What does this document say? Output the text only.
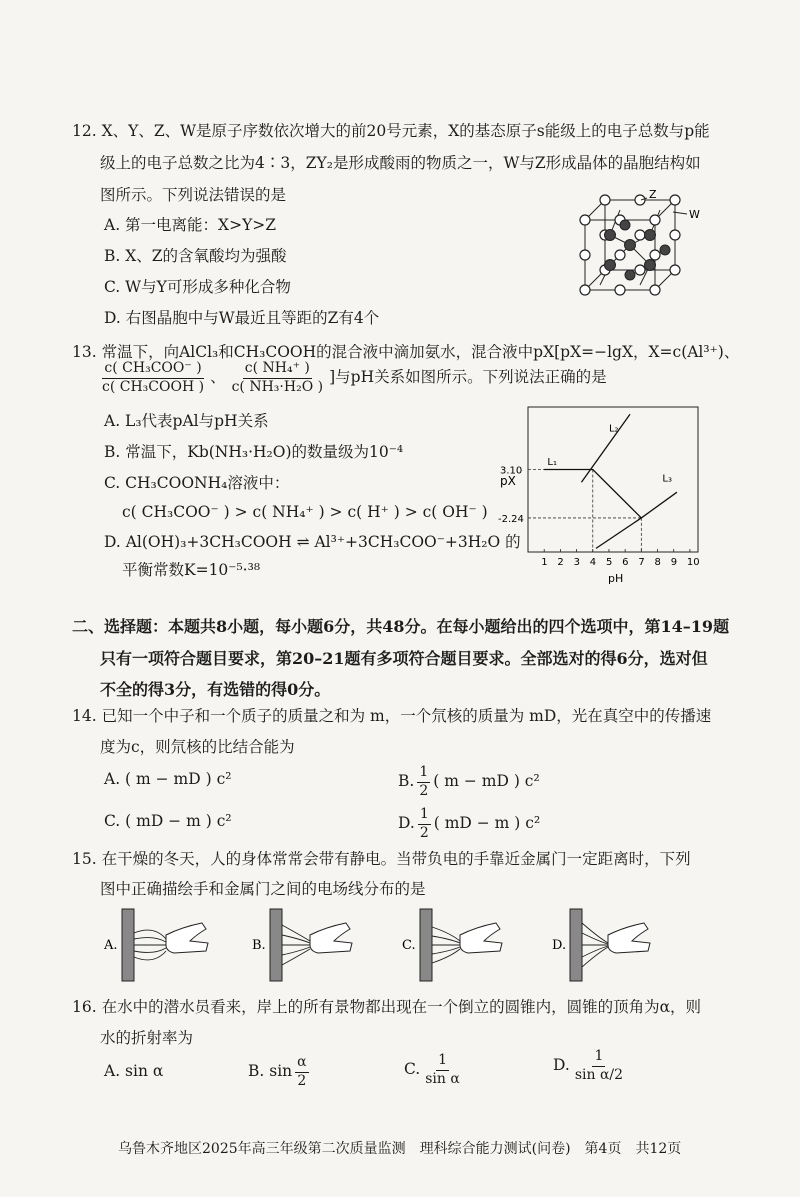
12. X、Y、Z、W是原子序数依次增大的前20号元素，X的基态原子s能级上的电子总数与p能
级上的电子总数之比为4∶3，ZY₂是形成酸雨的物质之一，W与Z形成晶体的晶胞结构如
图所示。下列说法错误的是
A. 第一电离能：X>Y>Z
B. X、Z的含氧酸均为强酸
C. W与Y可形成多种化合物
D. 右图晶胞中与W最近且等距的Z有4个
Z
W
13. 常温下，向AlCl₃和CH₃COOH的混合液中滴加氨水，混合液中pX[pX=−lgX，X=c(Al³⁺)、
$\frac{\text{c( CH₃COO⁻ )}}{\text{c( CH₃COOH )}}$ 、 $\frac{\text{c( NH₄⁺ )}}{\text{c( NH₃·H₂O )}}$ ]与pH关系如图所示。下列说法正确的是
A. L₃代表pAl与pH关系
B. 常温下，Kb(NH₃·H₂O)的数量级为10⁻⁴
C. CH₃COONH₄溶液中：
c( CH₃COO⁻ ) > c( NH₄⁺ ) > c( H⁺ ) > c( OH⁻ )
D. Al(OH)₃+3CH₃COOH ⇌ Al³⁺+3CH₃COO⁻+3H₂O 的
平衡常数K=10⁻⁵·³⁸
L₁
L₂
L₃
1 2 3 4 5 6 7 8 9 10
3.10
-2.24
pX
pH
二、选择题：本题共8小题，每小题6分，共48分。在每小题给出的四个选项中，第14–19题
只有一项符合题目要求，第20–21题有多项符合题目要求。全部选对的得6分，选对但
不全的得3分，有选错的得0分。
14. 已知一个中子和一个质子的质量之和为 m，一个氘核的质量为 mD，光在真空中的传播速
度为c，则氘核的比结合能为
A. ( m − mD ) c²	B. $\frac{1}{2}$ ( m − mD ) c²
C. ( mD − m ) c²	D. $\frac{1}{2}$ ( mD − m ) c²
15. 在干燥的冬天，人的身体常常会带有静电。当带负电的手靠近金属门一定距离时，下列
图中正确描绘手和金属门之间的电场线分布的是
A.	B.	C.	D.
16. 在水中的潜水员看来，岸上的所有景物都出现在一个倒立的圆锥内，圆锥的顶角为α，则
水的折射率为
A. sin α	B. $\sin \frac{\alpha}{2}$	C. $\frac{1}{\text{sin α}}$	D. $\frac{1}{\text{sin α/2}}$
乌鲁木齐地区2025年高三年级第二次质量监测　理科综合能力测试(问卷)　第4页　共12页
